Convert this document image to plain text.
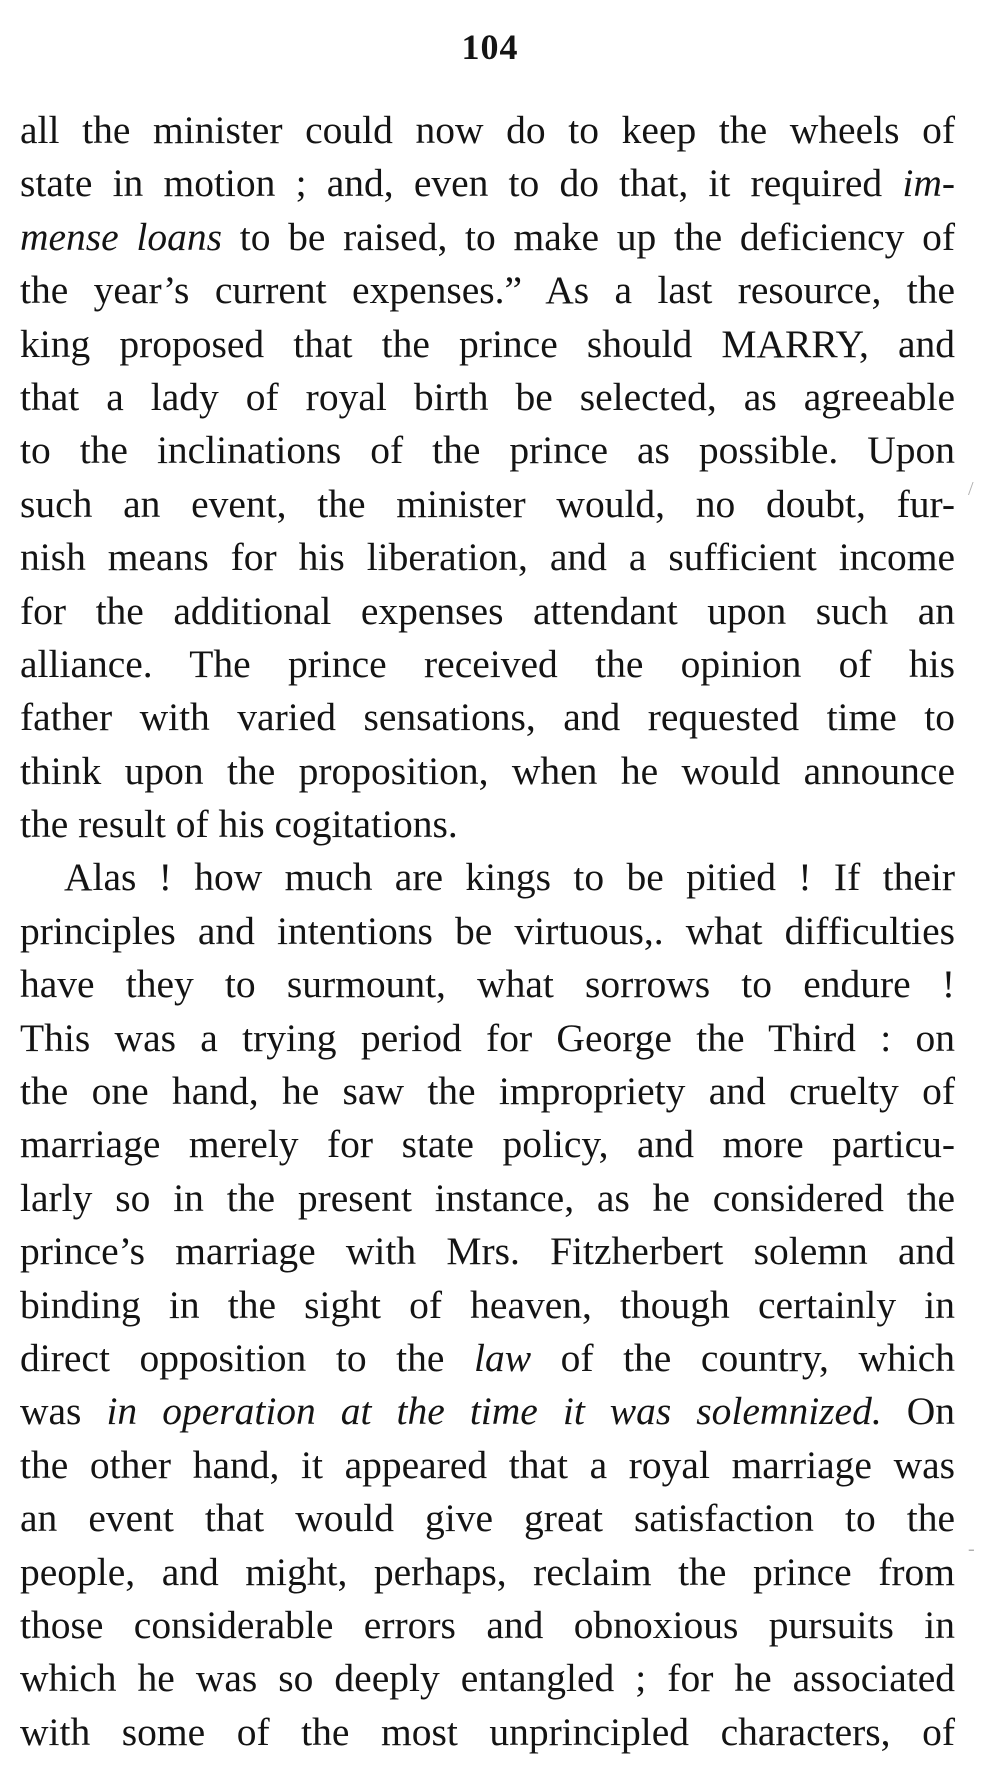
104
all the minister could now do to keep the wheels of
state in motion ; and, even to do that, it required im-
mense loans to be raised, to make up the deficiency of
the year’s current expenses.” As a last resource, the
king proposed that the prince should MARRY, and
that a lady of royal birth be selected, as agreeable
to the inclinations of the prince as possible. Upon
such an event, the minister would, no doubt, fur-
nish means for his liberation, and a sufficient income
for the additional expenses attendant upon such an
alliance. The prince received the opinion of his
father with varied sensations, and requested time to
think upon the proposition, when he would announce
the result of his cogitations.
Alas ! how much are kings to be pitied ! If their
principles and intentions be virtuous,. what difficulties
have they to surmount, what sorrows to endure !
This was a trying period for George the Third : on
the one hand, he saw the impropriety and cruelty of
marriage merely for state policy, and more particu-
larly so in the present instance, as he considered the
prince’s marriage with Mrs. Fitzherbert solemn and
binding in the sight of heaven, though certainly in
direct opposition to the law of the country, which
was in operation at the time it was solemnized. On
the other hand, it appeared that a royal marriage was
an event that would give great satisfaction to the
people, and might, perhaps, reclaim the prince from
those considerable errors and obnoxious pursuits in
which he was so deeply entangled ; for he associated
with some of the most unprincipled characters, of
/
-
